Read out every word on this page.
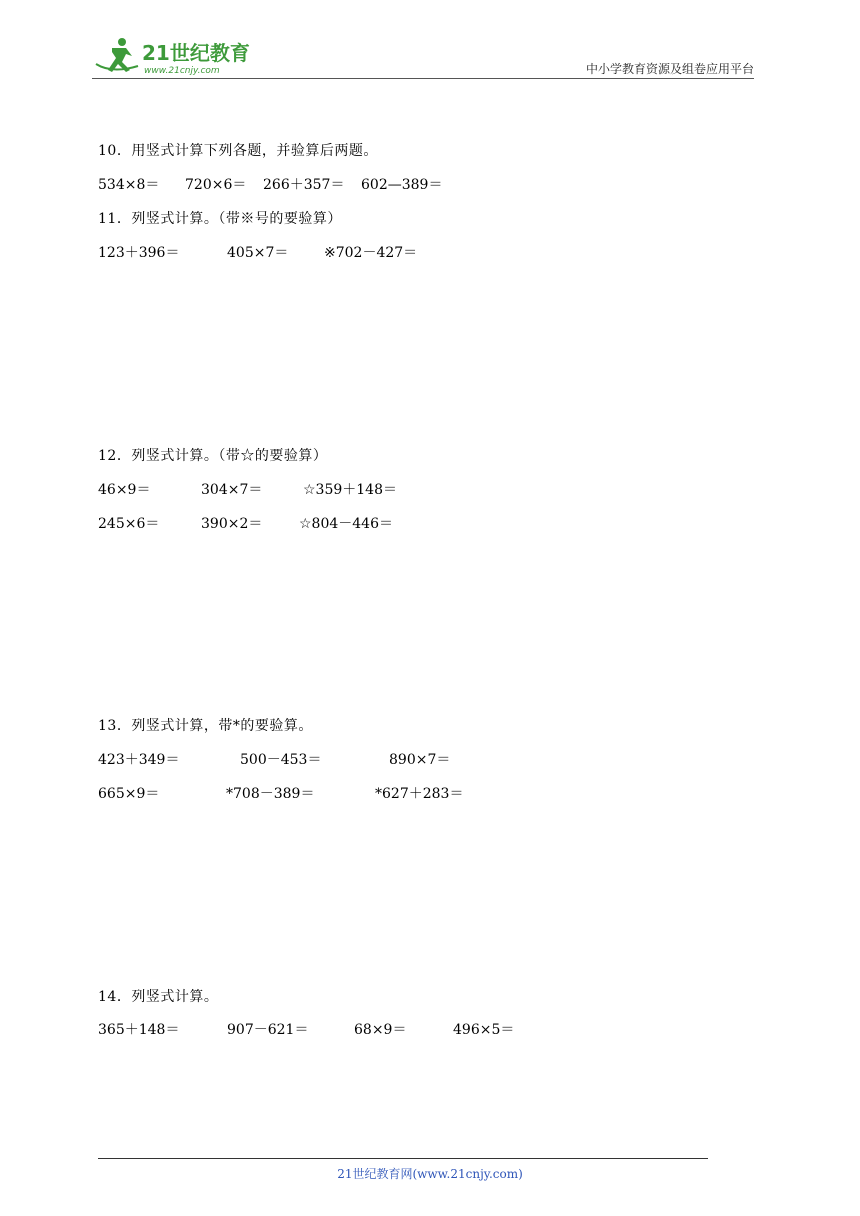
21世纪教育
www.21cnjy.com	中小学教育资源及组卷应用平台
10．用竖式计算下列各题，并验算后两题。
534×8＝ 720×6＝ 266＋357＝ 602—389＝
11．列竖式计算。（带※号的要验算）
123＋396＝	405×7＝	※702－427＝
12．列竖式计算。（带☆的要验算）
46×9＝	304×7＝	☆359＋148＝
245×6＝	390×2＝	☆804－446＝
13．列竖式计算，带*的要验算。
423＋349＝	500－453＝	890×7＝
665×9＝	*708－389＝	*627＋283＝
14．列竖式计算。
365＋148＝	907－621＝	68×9＝	496×5＝
21世纪教育网(www.21cnjy.com)
